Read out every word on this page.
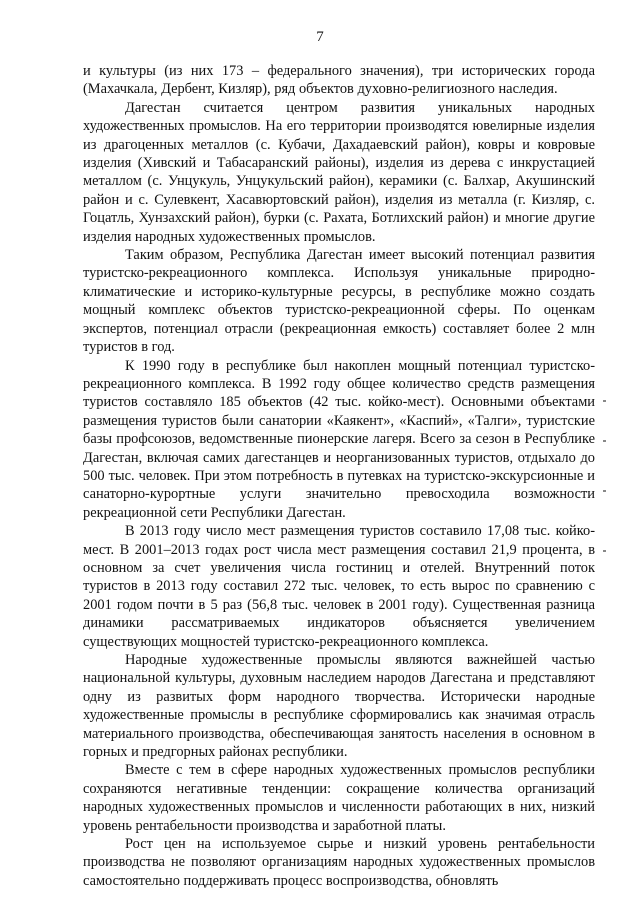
7

и культуры (из них 173 – федерального значения), три исторических города (Махачкала, Дербент, Кизляр), ряд объектов духовно-религиозного наследия.

Дагестан считается центром развития уникальных народных художественных промыслов. На его территории производятся ювелирные изделия из драгоценных металлов (с. Кубачи, Дахадаевский район), ковры и ковровые изделия (Хивский и Табасаранский районы), изделия из дерева с инкрустацией металлом (с. Унцукуль, Унцукульский район), керамики (с. Балхар, Акушинский район и с. Сулевкент, Хасавюртовский район), изделия из металла (г. Кизляр, с. Гоцатль, Хунзахский район), бурки (с. Рахата, Ботлихский район) и многие другие изделия народных художественных промыслов.

Таким образом, Республика Дагестан имеет высокий потенциал развития туристско-рекреационного комплекса. Используя уникальные природно-климатические и историко-культурные ресурсы, в республике можно создать мощный комплекс объектов туристско-рекреационной сферы. По оценкам экспертов, потенциал отрасли (рекреационная емкость) составляет более 2 млн туристов в год.

К 1990 году в республике был накоплен мощный потенциал туристско-рекреационного комплекса. В 1992 году общее количество средств размещения туристов составляло 185 объектов (42 тыс. койко-мест). Основными объектами размещения туристов были санатории «Каякент», «Каспий», «Талги», туристские базы профсоюзов, ведомственные пионерские лагеря. Всего за сезон в Республике Дагестан, включая самих дагестанцев и неорганизованных туристов, отдыхало до 500 тыс. человек. При этом потребность в путевках на туристско-экскурсионные и санаторно-курортные услуги значительно превосходила возможности рекреационной сети Республики Дагестан.

В 2013 году число мест размещения туристов составило 17,08 тыс. койко-мест. В 2001–2013 годах рост числа мест размещения составил 21,9 процента, в основном за счет увеличения числа гостиниц и отелей. Внутренний поток туристов в 2013 году составил 272 тыс. человек, то есть вырос по сравнению с 2001 годом почти в 5 раз (56,8 тыс. человек в 2001 году). Существенная разница динамики рассматриваемых индикаторов объясняется увеличением существующих мощностей туристско-рекреационного комплекса.

Народные художественные промыслы являются важнейшей частью национальной культуры, духовным наследием народов Дагестана и представляют одну из развитых форм народного творчества. Исторически народные художественные промыслы в республике сформировались как значимая отрасль материального производства, обеспечивающая занятость населения в основном в горных и предгорных районах республики.

Вместе с тем в сфере народных художественных промыслов республики сохраняются негативные тенденции: сокращение количества организаций народных художественных промыслов и численности работающих в них, низкий уровень рентабельности производства и заработной платы.

Рост цен на используемое сырье и низкий уровень рентабельности производства не позволяют организациям народных художественных промыслов самостоятельно поддерживать процесс воспроизводства, обновлять
